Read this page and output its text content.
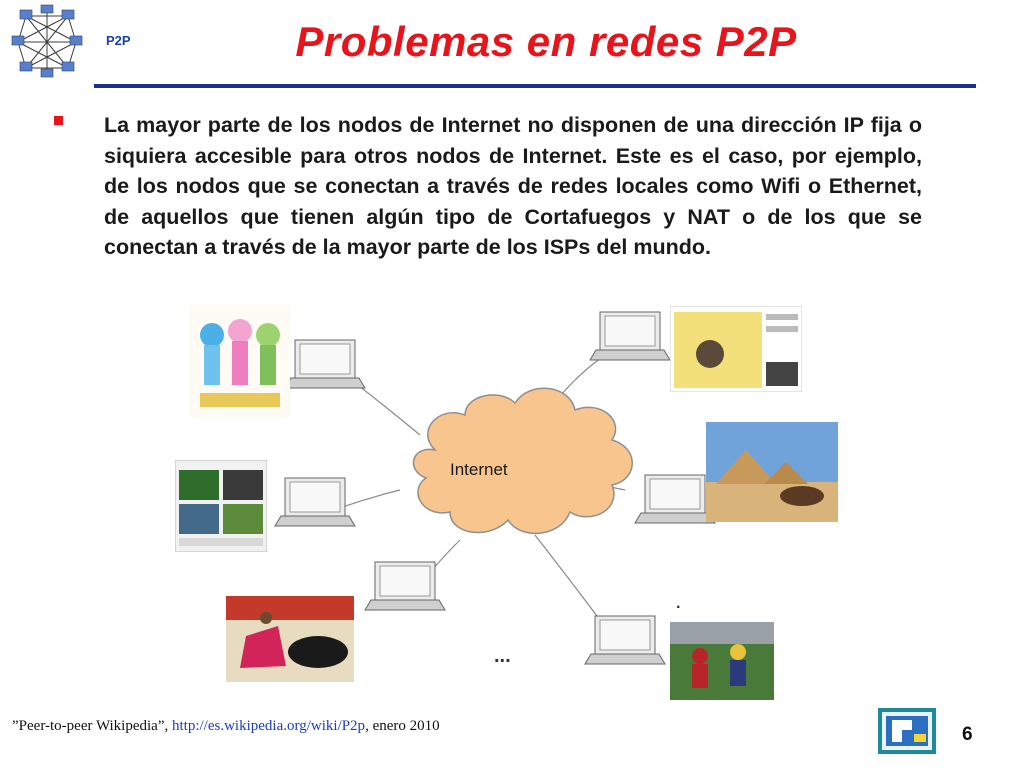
P2P	Problemas en redes P2P
La mayor parte de los nodos de Internet no disponen de una dirección IP fija o siquiera accesible para otros nodos de Internet. Este es el caso, por ejemplo, de los nodos que se conectan a través de redes locales como Wifi o Ethernet, de aquellos que tienen algún tipo de Cortafuegos y NAT o de los que se conectan a través de la mayor parte de los ISPs del mundo.
Internet
...
·
”Peer-to-peer Wikipedia”, http://es.wikipedia.org/wiki/P2p, enero 2010	6
